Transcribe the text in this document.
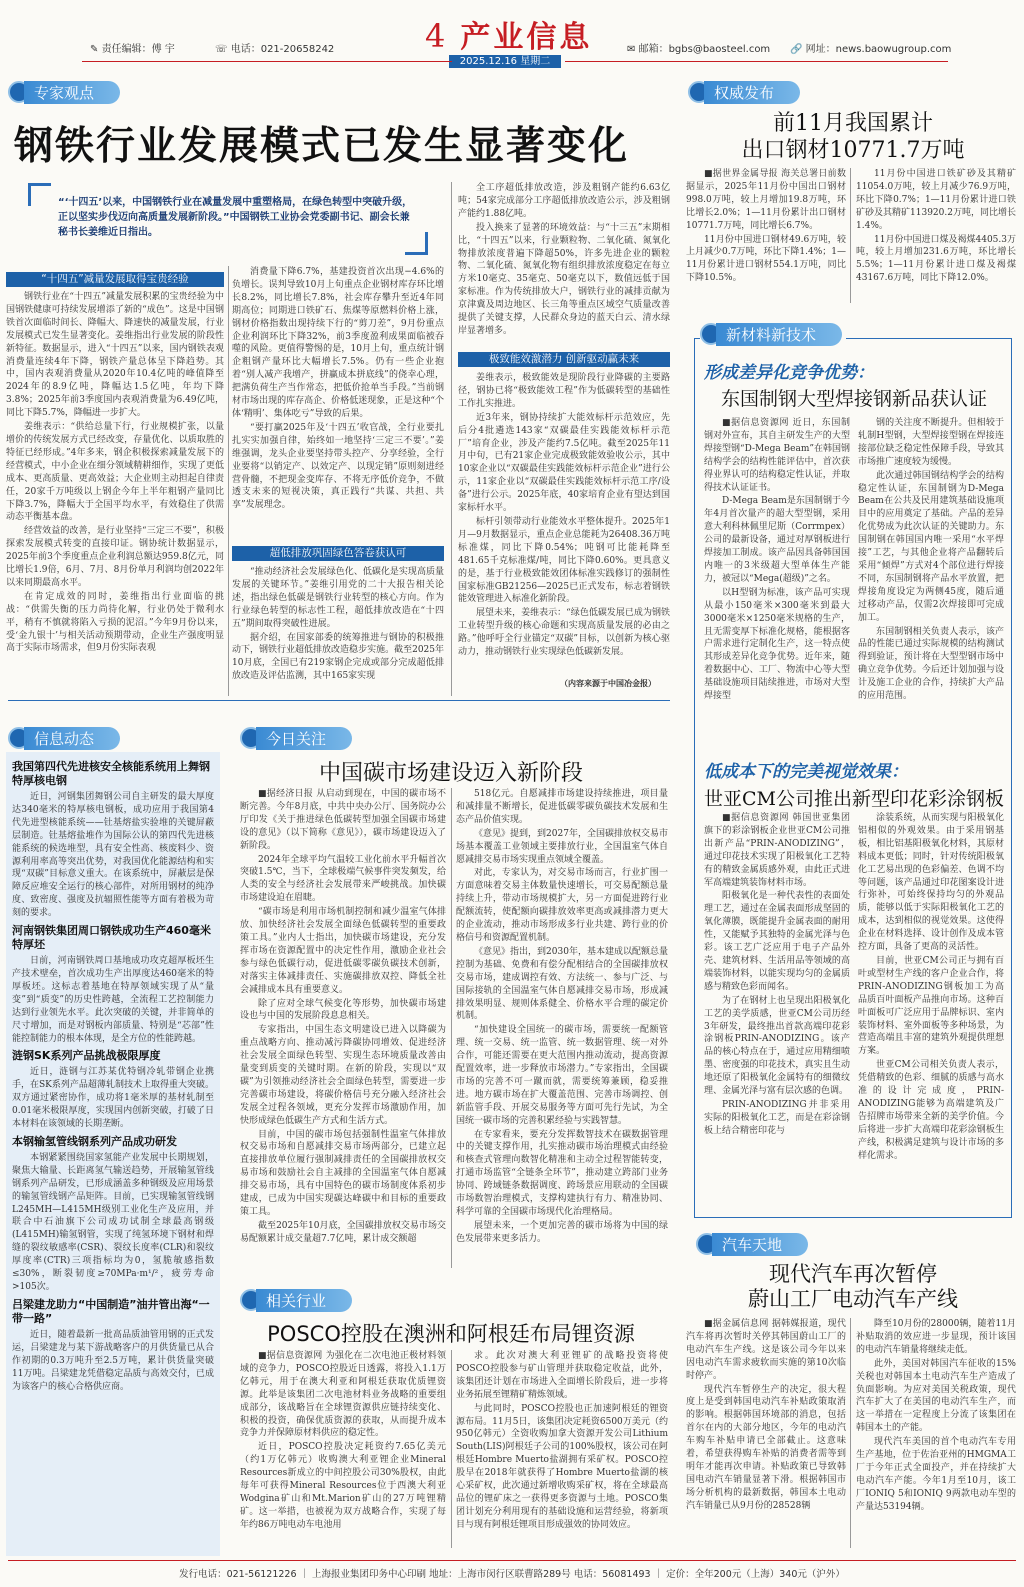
✎ 责任编辑：傅 宇	☏ 电话：021-20658242	4 产业信息
2025.12.16 星期二
✉ 邮箱：bgbs@baosteel.com 🔗 网址：news.baowugroup.com
专家观点
钢铁行业发展模式已发生显著变化
“‘十四五’以来，中国钢铁行业在减量发展中重塑格局，在绿色转型中突破升级，正以坚实步伐迈向高质量发展新阶段。”中国钢铁工业协会党委副书记、副会长兼秘书长姜维近日指出。
“十四五”减量发展取得宝贵经验

钢铁行业在“十四五”减量发展积累的宝贵经验为中国钢铁健康可持续发展增添了新的“成色”。这是中国钢铁首次面临时间长、降幅大、降速快的减量发展，行业发展模式已发生显著变化。姜维指出行业发展的阶段性新特征。数据显示，进入“十四五”以来，国内钢铁表观消费量连续4年下降，钢铁产量总体呈下降趋势。其中，国内表观消费量从2020年10.4亿吨的峰值降至2024年的8.9亿吨，降幅达1.5亿吨，年均下降3.8%；2025年前3季度国内表观消费量为6.49亿吨，同比下降5.7%，降幅进一步扩大。

姜维表示：“供给总量下行，行业规模扩张，以量增价的传统发展方式已经改变，存量优化、以质取胜的特征已经形成。”4年多来，钢企积极探索减量发展下的经营模式，中小企业在细分领域精耕细作，实现了更低成本、更高质量、更高效益；大企业则主动担起自律责任，20家千万吨级以上钢企今年上半年粗钢产量同比下降3.7%，降幅大于全国平均水平，有效稳住了供需动态平衡基本盘。

经营效益的改善，是行业坚持“三定三不要”，积极探索发展模式转变的直接印证。钢协统计数据显示，2025年前3个季度重点企业利润总额达959.8亿元，同比增长1.9倍，6月、7月、8月份单月利润均创2022年以来同期最高水平。

在肯定成效的同时，姜维指出行业面临的挑战：“供需失衡的压力尚待化解，行业仍处于微利水平，稍有不慎就将陷入亏损的泥沼。”今年9月份以来，受‘金九银十’与相关活动预期带动，企业生产强度明显高于实际市场需求，但9月份实际表观

消费量下降6.7%，基建投资首次出现−4.6%的负增长。误判导致10月上旬重点企业钢材库存环比增长8.2%，同比增长7.8%，社会库存攀升至近4年同期高位；同期进口铁矿石、焦煤等原燃料价格上涨，钢材价格指数出现持续下行的“剪刀差”，9月份重点企业利润环比下降32%，前3季度盈利成果面临被吞噬的风险。更值得警惕的是，10月上旬，重点统计钢企粗钢产量环比大幅增长7.5%。仍有一些企业抱着“别人减产我增产，拼赢成本拼底线”的侥幸心理，把满负荷生产当作常态，把低价抢单当手段。”当前钢材市场出现的库存高企、价格低迷现象，正是这种“个体‘精明’、集体吃亏”导致的后果。

“要打赢2025年及‘十四五’收官战，全行业要扎扎实实加强自律，始终如一地坚持‘三定三不要’。”姜维强调，龙头企业要坚持带头控产、分享经验，全行业要将“以销定产、以效定产、以现定销”原则刻进经营骨髓，不把现金变库存、不将无序低价竞争，不做透支未来的短视决策，真正践行“共谋、共担、共享”发展理念。

超低排放巩固绿色答卷获认可

“推动经济社会发展绿色化、低碳化是实现高质量发展的关键环节。”姜维引用党的二十大报告相关论述，指出绿色低碳是钢铁行业转型的核心方向。作为行业绿色转型的标志性工程，超低排放改造在“十四五”期间取得突破性进展。

据介绍，在国家部委的统筹推进与钢协的积极推动下，钢铁行业超低排放改造稳步实施。截至2025年10月底，全国已有219家钢企完成或部分完成超低排放改造及评估监测，其中165家实现

全工序超低排放改造，涉及粗钢产能约6.63亿吨；54家完成部分工序超低排放改造公示，涉及粗钢产能约1.88亿吨。

投入换来了显著的环境效益：与“十三五”末期相比，“十四五”以来，行业颗粒物、二氧化硫、氮氧化物排放浓度普遍下降超50%，许多先进企业的颗粒物、二氧化硫、氮氧化物有组织排放浓度稳定在每立方米10毫克、35毫克、50毫克以下，数值远低于国家标准。作为传统排放大户，钢铁行业的减排贡献为京津冀及周边地区、长三角等重点区域空气质量改善提供了关键支撑，人民群众身边的蓝天白云、清水绿岸显著增多。

极致能效激潜力 创新驱动赢未来

姜维表示，极致能效是现阶段行业降碳的主要路径，钢协已将“极致能效工程”作为低碳转型的基础性工作扎实推进。

近3年来，钢协持续扩大能效标杆示范效应，先后分4批遴选143家“双碳最佳实践能效标杆示范厂”培育企业，涉及产能约7.5亿吨。截至2025年11月中旬，已有21家企业完成极致能效验收公示，其中10家企业以“双碳最佳实践能效标杆示范企业”进行公示，11家企业以“双碳最佳实践能效标杆示范工序/设备”进行公示。2025年底，40家培育企业有望达到国家标杆水平。

标杆引领带动行业能效水平整体提升。2025年1月—9月数据显示，重点企业总能耗为26408.36万吨标准煤，同比下降0.54%；吨钢可比能耗降至481.65千克标准煤/吨，同比下降0.60%。更具意义的是，基于行业极致能效团体标准实践修订的强制性国家标准GB21256—2025已正式发布，标志着钢铁能效管理进入标准化新阶段。

展望未来，姜维表示：“绿色低碳发展已成为钢铁工业转型升级的核心命题和实现高质量发展的必由之路。”他呼吁全行业锚定“双碳”目标，以创新为核心驱动力，推动钢铁行业实现绿色低碳新发展。

（内容来源于中国冶金报）
权威发布
前11月我国累计
出口钢材10771.7万吨

■据世界金属导报 海关总署日前数据显示，2025年11月份中国出口钢材998.0万吨，较上月增加19.8万吨，环比增长2.0%；1—11月份累计出口钢材10771.7万吨，同比增长6.7%。

11月份中国进口钢材49.6万吨，较上月减少0.7万吨，环比下降1.4%；1—11月份累计进口钢材554.1万吨，同比下降10.5%。

11月份中国进口铁矿砂及其精矿11054.0万吨，较上月减少76.9万吨，环比下降0.7%；1—11月份累计进口铁矿砂及其精矿113920.2万吨，同比增长1.4%。

11月份中国进口煤及褐煤4405.3万吨，较上月增加231.6万吨，环比增长5.5%；1—11月份累计进口煤及褐煤43167.6万吨，同比下降12.0%。

新材料新技术
形成差异化竞争优势：
东国制钢大型焊接钢新品获认证

■据信息资源网 近日，东国制钢对外宣布，其自主研发生产的大型焊接型钢“D-Mega Beam”在韩国钢结构学会的结构性能评估中，首次获得业界认可的结构稳定性认证，并取得技术认证证书。

D-Mega Beam是东国制钢于今年4月首次量产的超大型型钢，采用意大利科林佩里尼斯（Corrmpex）公司的最新设备，通过对厚钢板进行焊接加工制成。该产品因具备韩国国内唯一的3米级超大型单体生产能力，被冠以“Mega(超级)”之名。

以H型钢为标准，该产品可实现从最小150毫米×300毫米到最大3000毫米×1250毫米规格的生产，且无需变厚下标准化规格，能根据客户需求进行定制化生产，这一特点使其形成差异化竞争优势。近年来，随着数据中心、工厂、物流中心等大型基础设施项目陆续推进，市场对大型焊接型

钢的关注度不断提升。但相较于轧制H型钢，大型焊接型钢在焊接连接部位缺乏稳定性保障手段，导致其市场推广速度较为缓慢。

此次通过韩国钢结构学会的结构稳定性认证，东国制钢为D-Mega Beam在公共及民用建筑基础设施项目中的应用奠定了基础。产品的差异化优势成为此次认证的关键助力。东国制钢在韩国国内唯一采用“水平焊接”工艺，与其他企业将产品翻转后采用“倾焊”方式对4个部位进行焊接不同，东国制钢将产品水平放置，把焊接角度设定为两侧45度，随后通过移动产品，仅需2次焊接即可完成加工。

东国制钢相关负责人表示，该产品的性能已通过实际规模的结构测试得到验证，预计将在大型型钢市场中确立竞争优势。今后还计划加强与设计及施工企业的合作，持续扩大产品的应用范围。

低成本下的完美视觉效果：
世亚CM公司推出新型印花彩涂钢板

■据信息资源网 韩国世亚集团旗下的彩涂钢板企业世亚CM公司推出新产品“PRIN-ANODIZING”，通过印花技术实现了阳极氧化工艺特有的精致金属质感外观，由此正式进军高端建筑装饰材料市场。

阳极氧化是一种代表性的表面处理工艺，通过在金属表面形成坚固的氧化薄膜，既能提升金属表面的耐用性，又能赋予其独特的金属光泽与色彩。该工艺广泛应用于电子产品外壳、建筑材料、生活用品等领域的高端装饰材料，以能实现均匀的金属质感与精致色彩而闻名。

为了在钢材上也呈现出阳极氧化工艺的美学质感，世亚CM公司历经3年研发，最终推出首款高端印花彩涂钢板PRIN-ANODIZING。该产品的核心特点在于，通过应用精细喷墨、密度强的印花技术，真实且生动地还原了阳极氧化金属特有的细微纹理、金属光泽与富有层次感的色调。

PRIN-ANODIZING并非采用实际的阳极氧化工艺，而是在彩涂钢板上结合精密印花与

涂装系统，从而实现与阳极氧化铝相似的外观效果。由于采用钢基板，相比铝基阳极氧化材料，其原材料成本更低；同时，针对传统阳极氧化工艺易出现的色彩偏差、色调不均等问题，该产品通过印花图案设计进行弥补，可始终保持均匀的外观品质，能够以低于实际阳极氧化工艺的成本，达到相似的视觉效果。这使得企业在材料选择、设计创作及成本管控方面，具备了更高的灵活性。

目前，世亚CM公司正与拥有百叶或型材生产线的客户企业合作，将PRIN-ANODIZING钢板加工为高品质百叶面板产品推向市场。这种百叶面板可广泛应用于品牌标识、室内装饰材料、室外面板等多种场景，为营造高端且丰富的建筑外观提供理想方案。

世亚CM公司相关负责人表示，凭借精致的色彩、细腻的质感与高水准的设计完成度，PRIN-ANODIZING能够为高端建筑及广告招牌市场带来全新的美学价值。今后将进一步扩大高端印花彩涂钢板生产线，积极满足建筑与设计市场的多样化需求。

信息动态
我国第四代先进核安全核能系统用上舞钢特厚核电钢
近日，河钢集团舞钢公司自主研发的最大厚度达340毫米的特厚核电钢板，成功应用于我国第4代先进型核能系统——钍基熔盐实验堆的关键屏蔽层制造。钍基熔盐堆作为国际公认的第四代先进核能系统的候选堆型，具有安全性高、核废料少、资源利用率高等突出优势，对我国优化能源结构和实现“双碳”目标意义重大。在该系统中，屏蔽层是保障反应堆安全运行的核心部件，对所用钢材的纯净度、致密度、强度及抗辐照性能等方面有着极为苛刻的要求。
河南钢铁集团周口钢铁成功生产460毫米特厚坯
日前，河南钢铁周口基地成功攻克超厚板坯生产技术壁垒，首次成功生产出厚度达460毫米的特厚板坯。这标志着基地在特厚领域实现了从“量变”到“质变”的历史性跨越，全流程工艺控制能力达到行业领先水平。此次突破的关键，并非简单的尺寸增加，而是对钢板内部质量、特别是“芯部”性能控制能力的根本体现，是全方位的性能跨越。
涟钢SK系列产品挑战极限厚度
近日，涟钢与江苏某优特钢冷轧带钢企业携手，在SK系列产品超薄轧制技术上取得重大突破。双方通过紧密协作，成功将1毫米厚的基材轧制至0.01毫米极限厚度，实现国内创新突破，打破了日本材料在该领域的长期垄断。
本钢输氢管线钢系列产品成功研发
本钢紧紧围绕国家氢能产业发展中长期规划，聚焦大输量、长距离氢气输送趋势，开展输氢管线钢系列产品研发，已形成涵盖多种钢级及应用场景的输氢管线钢产品矩阵。目前，已实现输氢管线钢L245MH—L415MH级别工业化生产及应用，并联合中石油旗下公司成功试制全球最高钢级(L415MH)输氢钢管，实现了纯氢环境下钢材和焊缝的裂纹敏感率(CSR)、裂纹长度率(CLR)和裂纹厚度率(CTR)三项指标均为0，氢脆敏感指数≤30%，断裂韧度≥70MPa·m¹/²，疲劳寿命>105次。
吕梁建龙助力“中国制造”油井管出海“一带一路”
近日，随着最新一批高品质油管用钢的正式发运，吕梁建龙与某下游战略客户的月供货量已从合作初期的0.3万吨升至2.5万吨，累计供货量突破11万吨。吕梁建龙凭借稳定品质与高效交付，已成为该客户的核心合格供应商。
今日关注
中国碳市场建设迈入新阶段

■据经济日报 从启动到现在，中国的碳市场不断完善。今年8月底，中共中央办公厅、国务院办公厅印发《关于推进绿色低碳转型加强全国碳市场建设的意见》（以下简称《意见》），碳市场建设迈入了新阶段。

2024年全球平均气温较工业化前水平升幅首次突破1.5℃，当下，全球极端气候事件突发频发，给人类的安全与经济社会发展带来严峻挑战。加快碳市场建设迫在眉睫。

“碳市场是利用市场机制控制和减少温室气体排放、加快经济社会发展全面绿色低碳转型的重要政策工具。”业内人士指出，加快碳市场建设，充分发挥市场在资源配置中的决定性作用，激励企业社会参与绿色低碳行动，促进低碳零碳负碳技术创新，对落实主体减排责任、实施碳排放双控、降低全社会减排成本具有重要意义。

除了应对全球气候变化等形势，加快碳市场建设也与中国的发展阶段息息相关。

专家指出，中国生态文明建设已进入以降碳为重点战略方向、推动减污降碳协同增效、促进经济社会发展全面绿色转型、实现生态环境质量改善由量变到质变的关键时期。在新的阶段，实现以“双碳”为引领推动经济社会全面绿色转型，需要进一步完善碳市场建设，将碳价格信号充分融入经济社会发展全过程各领域，更充分发挥市场激励作用，加快形成绿色低碳生产方式和生活方式。

目前，中国的碳市场包括强制性温室气体排放权交易市场和自愿减排交易市场两部分，已建立起直接排放单位履行强制减排责任的全国碳排放权交易市场和鼓励社会自主减排的全国温室气体自愿减排交易市场，具有中国特色的碳市场制度体系初步建成，已成为中国实现碳达峰碳中和目标的重要政策工具。

截至2025年10月底，全国碳排放权交易市场交易配额累计成交量超7.7亿吨，累计成交额超

518亿元。自愿减排市场建设持续推进，项目量和减排量不断增长，促进低碳零碳负碳技术发展和生态产品价值实现。

《意见》提到，到2027年，全国碳排放权交易市场基本覆盖工业领域主要排放行业，全国温室气体自愿减排交易市场实现重点领域全覆盖。

对此，专家认为，对交易市场而言，行业扩围一方面意味着交易主体数量快速增长，可交易配额总量持续上升，带动市场规模扩大，另一方面促进跨行业配额流转，使配额向碳排放效率更高或减排潜力更大的企业流动，推动市场形成多行业共建、跨行业的价格信号和资源配置机制。

《意见》指出，到2030年，基本建成以配额总量控制为基础、免费和有偿分配相结合的全国碳排放权交易市场，建成调控有效、方法统一、参与广泛、与国际接轨的全国温室气体自愿减排交易市场，形成减排效果明显、规则体系健全、价格水平合理的碳定价机制。

“加快建设全国统一的碳市场，需要统一配额管理、统一交易、统一监管、统一数据管理、统一对外合作，可能还需要在更大范围内推动流动，提高资源配置效率，进一步释放市场潜力。”专家指出，全国碳市场的完善不可一蹴而就，需要统筹兼顾，稳妥推进。地方碳市场在扩大覆盖范围、完善市场调控、创新监管手段、开展交易服务等方面可先行先试，为全国统一碳市场的完善积累经验与实践智慧。

在专家看来，要充分发挥数智技术在碳数据管理中的关键支撑作用，扎实推动碳市场治理模式由经验和核查式管理向数智化精准和主动全过程智能转变，打通市场监管“全链条全环节”，推动建立跨部门业务协同、跨域链条数据调度、跨场景应用联动的全国碳市场数智治理模式，支撑构建执行有力、精准协同、科学可靠的全国碳市场现代化治理格局。

展望未来，一个更加完善的碳市场将为中国的绿色发展带来更多活力。

相关行业
POSCO控股在澳洲和阿根廷布局锂资源

■据信息资源网 为强化在二次电池正极材料领域的竞争力，POSCO控股近日透露，将投入1.1万亿韩元，用于在澳大利亚和阿根廷获取优质锂资源。此举是该集团二次电池材料业务战略的重要组成部分，该战略旨在全球锂资源供应链持续变化、积极的投资，确保优质资源的获取，从而提升成本竞争力并保障原材料供应的稳定性。

近日，POSCO控股决定耗资约7.65亿美元（约1万亿韩元）收购澳大利亚锂企业Mineral Resources新成立的中间控股公司30%股权，由此每年可获得Mineral Resources位于西澳大利亚Wodgina矿山和Mt.Marion矿山的27万吨锂精矿。这一举措，也被视为双方战略合作，实现了每年约86万吨电动车电池用

求。此次对澳大利亚锂矿的战略投资将使POSCO控股参与矿山管理并获取稳定收益，此外，该集团还计划在市场进入全面增长阶段后，进一步将业务拓展至锂精矿精炼领域。

与此同时，POSCO控股也正加速阿根廷的锂资源布局。11月5日，该集团决定耗资6500万美元（约950亿韩元）全资收购加拿大资源开发公司Lithium South(LIS)阿根廷子公司的100%股权，该公司在阿根廷Hombre Muerto盐湖拥有采矿权。POSCO控股早在2018年就获得了Hombre Muerto盐湖的核心采矿权，此次通过新增收购采矿权，将在全球最高品位的锂矿床之一获得更多资源与土地。POSCO集团计划充分利用现有的基础设施和运营经验，将新项目与现有阿根廷锂项目形成强效的协同效应。

汽车天地
现代汽车再次暂停
蔚山工厂电动汽车产线

■据金属信息网 据韩媒报道，现代汽车将再次暂时关停其韩国蔚山工厂的电动汽车生产线。这是该公司今年以来因电动汽车需求疲软而实施的第10次临时停产。

现代汽车暂停生产的决定，很大程度上是受到韩国电动汽车补贴政策取消的影响。根据韩国环境部的消息，包括首尔在内的大部分地区，今年的电动汽车购车补贴申请已全部截止。这意味着，希望获得购车补贴的消费者需等到明年才能再次申请。补贴政策已导致韩国电动汽车销量显著下滑。根据韩国市场分析机构的最新数据，韩国本土电动汽车销量已从9月份的28528辆

降至10月份的28000辆，随着11月补贴取消的效应进一步显现，预计该国的电动汽车销量将继续走低。

此外，美国对韩国汽车征收的15%关税也对韩国本土电动汽车生产造成了负面影响。为应对美国关税政策，现代汽车扩大了在美国的电动汽车生产，而这一举措在一定程度上分流了该集团在韩国本土的产能。

现代汽车美国的首个电动汽车专用生产基地，位于佐治亚州的HMGMA工厂于今年正式全面投产，并在持续扩大电动汽车产能。今年1月至10月，该工厂IONIQ 5和IONIQ 9两款电动车型的产量达53194辆。

发行电话：021-56121226 ｜ 上海报业集团印务中心印刷 地址：上海市闵行区联曹路289号 电话：56081493 ｜ 定价：全年200元（上海）340元（沪外）
